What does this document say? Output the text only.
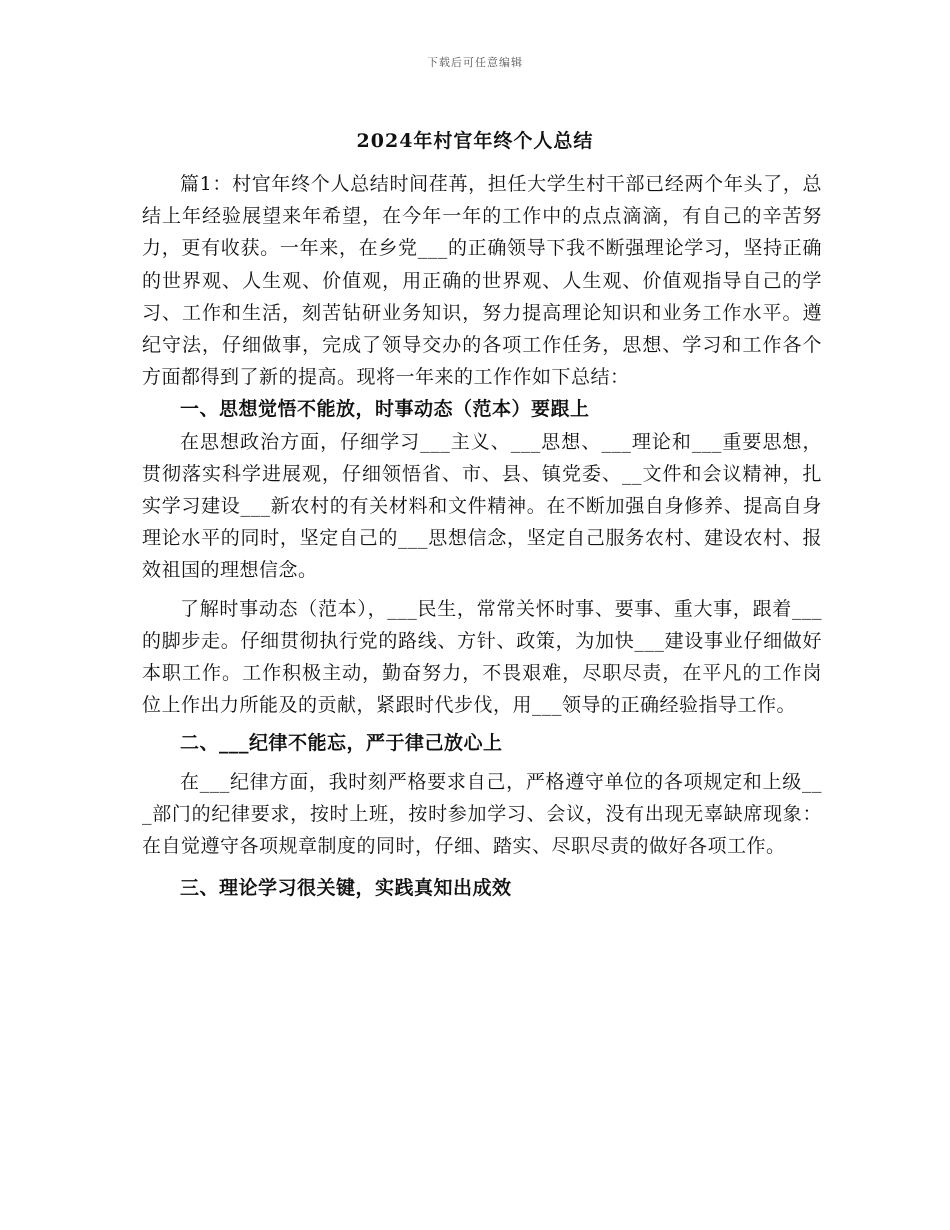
下载后可任意编辑
2024年村官年终个人总结

篇1：村官年终个人总结时间荏苒，担任大学生村干部已经两个年头了，总结上年经验展望来年希望，在今年一年的工作中的点点滴滴，有自己的辛苦努力，更有收获。一年来，在乡党___的正确领导下我不断强理论学习，坚持正确的世界观、人生观、价值观，用正确的世界观、人生观、价值观指导自己的学习、工作和生活，刻苦钻研业务知识，努力提高理论知识和业务工作水平。遵纪守法，仔细做事，完成了领导交办的各项工作任务，思想、学习和工作各个方面都得到了新的提高。现将一年来的工作作如下总结：

一、思想觉悟不能放，时事动态（范本）要跟上

在思想政治方面，仔细学习___主义、___思想、___理论和___重要思想，贯彻落实科学进展观，仔细领悟省、市、县、镇党委、__文件和会议精神，扎实学习建设___新农村的有关材料和文件精神。在不断加强自身修养、提高自身理论水平的同时，坚定自己的___思想信念，坚定自己服务农村、建设农村、报效祖国的理想信念。

了解时事动态（范本），___民生，常常关怀时事、要事、重大事，跟着___的脚步走。仔细贯彻执行党的路线、方针、政策，为加快___建设事业仔细做好本职工作。工作积极主动，勤奋努力，不畏艰难，尽职尽责，在平凡的工作岗位上作出力所能及的贡献，紧跟时代步伐，用___领导的正确经验指导工作。

二、___纪律不能忘，严于律己放心上

在___纪律方面，我时刻严格要求自己，严格遵守单位的各项规定和上级___部门的纪律要求，按时上班，按时参加学习、会议，没有出现无辜缺席现象：在自觉遵守各项规章制度的同时，仔细、踏实、尽职尽责的做好各项工作。

三、理论学习很关键，实践真知出成效
